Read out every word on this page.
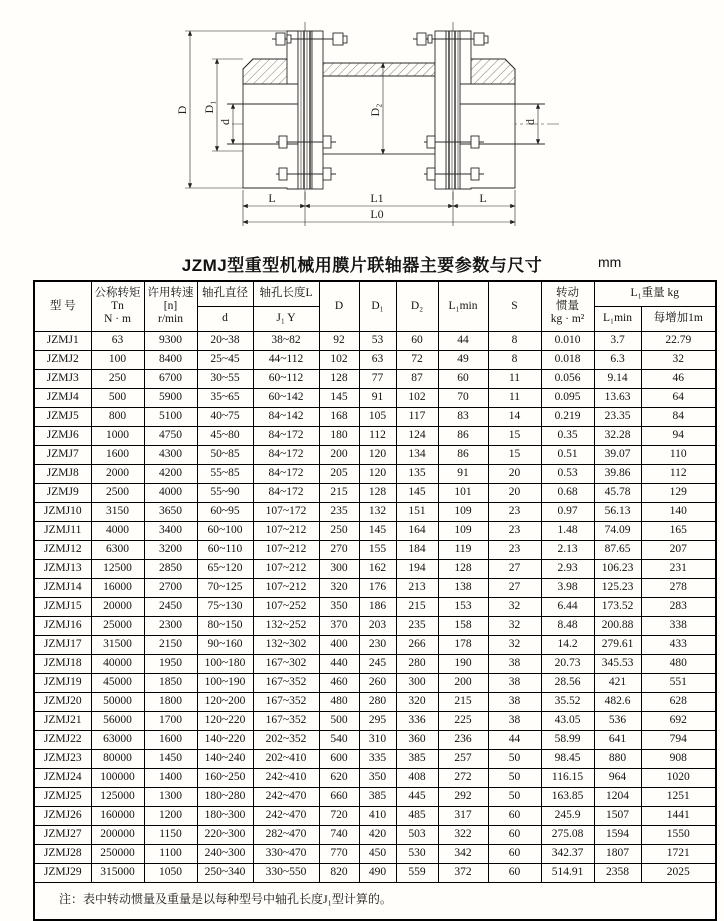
D D₁
d
D₂
d
L	L1	L
L0
JZMJ型重型机械用膜片联轴器主要参数与尺寸	mm
型 号	公称转矩
Tn
N · m	许用转速
[n]
r/min	轴孔直径	轴孔长度L	D	D₁	D₂	L₁min	S	转动
惯量
kg · m²	L₁重量 kg	
			d	J₁ Y							L₁min	每增加1m
JZMJ1	63	9300	20~38	38~82	92	53	60	44	8	0.010	3.7	22.79
JZMJ2	100	8400	25~45	44~112	102	63	72	49	8	0.018	6.3	32
JZMJ3	250	6700	30~55	60~112	128	77	87	60	11	0.056	9.14	46
JZMJ4	500	5900	35~65	60~142	145	91	102	70	11	0.095	13.63	64
JZMJ5	800	5100	40~75	84~142	168	105	117	83	14	0.219	23.35	84
JZMJ6	1000	4750	45~80	84~172	180	112	124	86	15	0.35	32.28	94
JZMJ7	1600	4300	50~85	84~172	200	120	134	86	15	0.51	39.07	110
JZMJ8	2000	4200	55~85	84~172	205	120	135	91	20	0.53	39.86	112
JZMJ9	2500	4000	55~90	84~172	215	128	145	101	20	0.68	45.78	129
JZMJ10	3150	3650	60~95	107~172	235	132	151	109	23	0.97	56.13	140
JZMJ11	4000	3400	60~100	107~212	250	145	164	109	23	1.48	74.09	165
JZMJ12	6300	3200	60~110	107~212	270	155	184	119	23	2.13	87.65	207
JZMJ13	12500	2850	65~120	107~212	300	162	194	128	27	2.93	106.23	231
JZMJ14	16000	2700	70~125	107~212	320	176	213	138	27	3.98	125.23	278
JZMJ15	20000	2450	75~130	107~252	350	186	215	153	32	6.44	173.52	283
JZMJ16	25000	2300	80~150	132~252	370	203	235	158	32	8.48	200.88	338
JZMJ17	31500	2150	90~160	132~302	400	230	266	178	32	14.2	279.61	433
JZMJ18	40000	1950	100~180	167~302	440	245	280	190	38	20.73	345.53	480
JZMJ19	45000	1850	100~190	167~352	460	260	300	200	38	28.56	421	551
JZMJ20	50000	1800	120~200	167~352	480	280	320	215	38	35.52	482.6	628
JZMJ21	56000	1700	120~220	167~352	500	295	336	225	38	43.05	536	692
JZMJ22	63000	1600	140~220	202~352	540	310	360	236	44	58.99	641	794
JZMJ23	80000	1450	140~240	202~410	600	335	385	257	50	98.45	880	908
JZMJ24	100000	1400	160~250	242~410	620	350	408	272	50	116.15	964	1020
JZMJ25	125000	1300	180~280	242~470	660	385	445	292	50	163.85	1204	1251
JZMJ26	160000	1200	180~300	242~470	720	410	485	317	60	245.9	1507	1441
JZMJ27	200000	1150	220~300	282~470	740	420	503	322	60	275.08	1594	1550
JZMJ28	250000	1100	240~300	330~470	770	450	530	342	60	342.37	1807	1721
JZMJ29	315000	1050	250~340	330~550	820	490	559	372	60	514.91	2358	2025
注：表中转动惯量及重量是以每种型号中轴孔长度J₁型计算的。												
